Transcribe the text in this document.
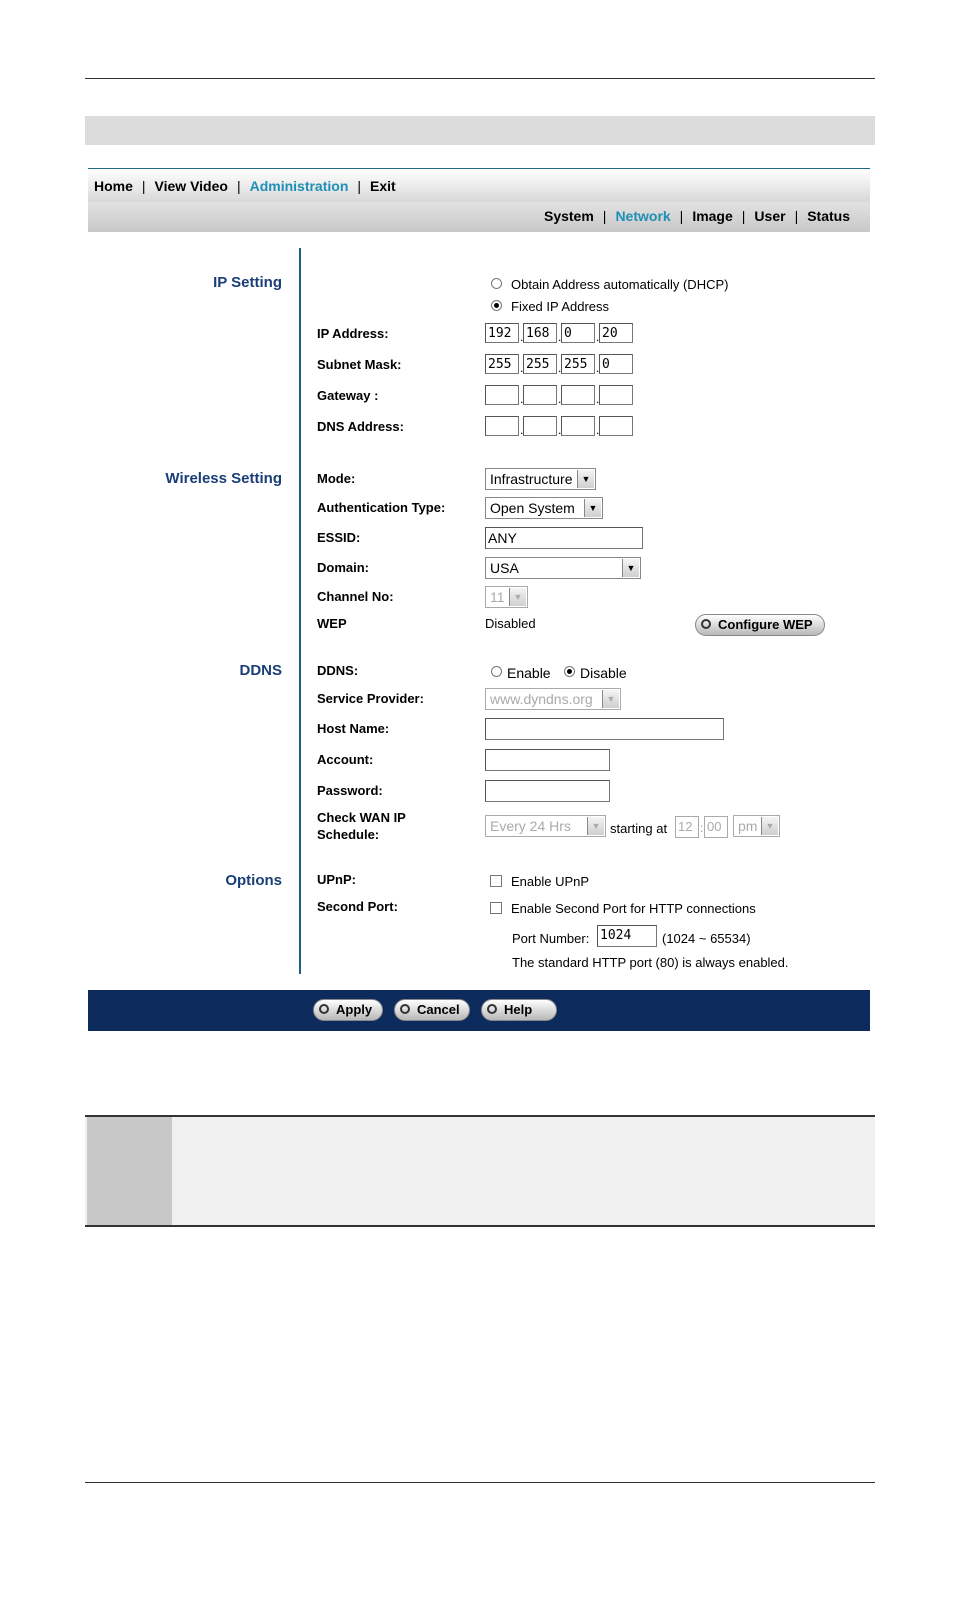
Home | View Video | Administration | Exit
System | Network | Image | User | Status
IP Setting
Wireless Setting
DDNS
Options
Obtain Address automatically (DHCP)
Fixed IP Address
IP Address:	192 . 168 . 0	. 20
Subnet Mask:	255 . 255 . 255 . 0
Gateway :	.	.	.
DNS Address:	.	.	.
Mode:	Infrastructure	▼
Authentication Type:	Open System	▼
ESSID:	ANY
Domain:	USA	▼
Channel No:	11 ▼
WEP	Disabled	Configure WEP
DDNS:	Enable Disable
Service Provider:	www.dyndns.org	▼
Host Name:
Account:
Password:
Check WAN IP
Schedule:
Every 24 Hrs	▼ starting at 12 : 00	pm ▼
UPnP:	Enable UPnP
Second Port:	Enable Second Port for HTTP connections
Port Number: 1024	(1024 ~ 65534)
The standard HTTP port (80) is always enabled.
Apply	Cancel	Help
